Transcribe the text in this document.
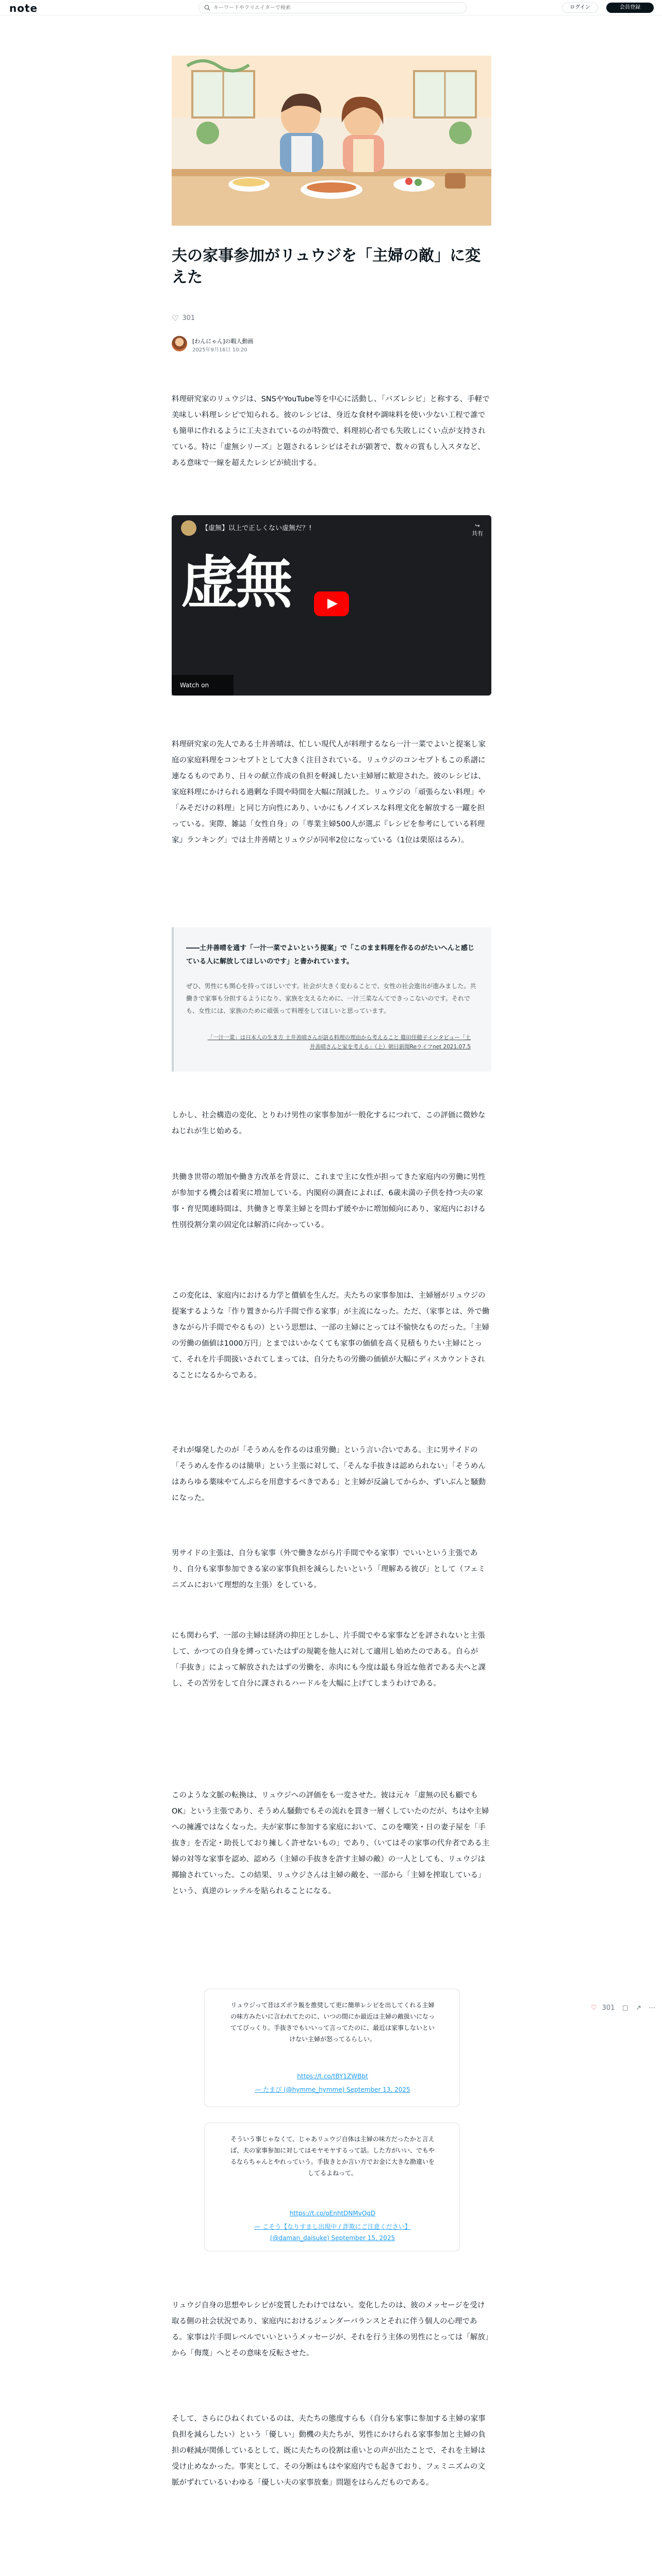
note
キーワードやクリエイターで検索	ログイン	会員登録
夫の家事参加がリュウジを「主婦の敵」に変えた
♡ 301
[わんにゃん]の暇人動画
2025年9月16日 10:20

料理研究家のリュウジは、SNSやYouTube等を中心に活動し、「バズレシピ」と称する、手軽で美味しい料理レシピで知られる。彼のレシピは、身近な食材や調味料を使い少ない工程で誰でも簡単に作れるように工夫されているのが特徴で、料理初心者でも失敗しにくい点が支持されている。特に「虚無シリーズ」と題されるレシピはそれが顕著で、数々の賞もし入スタなど、ある意味で一線を超えたレシピが続出する。

【虚無】以上で正しくない虚無だ？!	↪
共有
虚無
Watch on YouTube

料理研究家の先人である土井善晴は、忙しい現代人が料理するなら一汁一菜でよいと提案し家庭の家庭料理をコンセプトとして大きく注目されている。リュウジのコンセプトもこの系譜に連なるものであり、日々の献立作成の負担を軽減したい主婦層に歓迎された。彼のレシピは、家庭料理にかけられる過剰な手間や時間を大幅に削減した。リュウジの「頑張らない料理」や「みそだけの料理」と同じ方向性にあり、いかにもノイズレスな料理文化を解放する一躍を担っている。実際、雑誌「女性自身」の「専業主婦500人が選ぶ『レシピを参考にしている料理家』ランキング」では土井善晴とリュウジが同率2位になっている（1位は栗原はるみ）。

――土井善晴を通す「一汁一菜でよいという提案」で「このまま料理を作るのがたいへんと感じている人に解放してほしいのです」と書かれています。
ぜひ、男性にも関心を持ってほしいです。社会が大きく変わることで、女性の社会進出が進みました。共働きで家事も分担するようになり、家族を支えるために、一汁三菜なんてできっこないのです。それでも、女性には、家族のために頑張って料理をしてほしいと思っています。
「一汁一菜」は日本人の生き方 土井善晴さんが語る料理の理由から考えること 篠田佳穂子インタビュー「土井善晴さんと家を考える」（上）朝日新聞Reライフnet 2021.07.5

しかし、社会構造の変化、とりわけ男性の家事参加が一般化するにつれて、この評価に微妙なねじれが生じ始める。

共働き世帯の増加や働き方改革を背景に、これまで主に女性が担ってきた家庭内の労働に男性が参加する機会は着実に増加している。内閣府の調査によれば、6歳未満の子供を持つ夫の家事・育児関連時間は、共働きと専業主婦とを問わず緩やかに増加傾向にあり、家庭内における性別役割分業の固定化は解消に向かっている。

この変化は、家庭内における力学と價値を生んだ。夫たちの家事参加は、主婦層がリュウジの提案するような「作り置きから片手間で作る家事」が主流になった。ただ、（家事とは、外で働きながら片手間でやるもの）という思想は、一部の主婦にとっては不愉快なものだった。「主婦の労働の価値は1000万円」とまではいかなくても家事の価値を高く見積もりたい主婦にとって、それを片手間扱いされてしまっては、自分たちの労働の価値が大幅にディスカウントされることになるからである。

それが爆発したのが「そうめんを作るのは重労働」という言い合いである。主に男サイドの「そうめんを作るのは簡単」という主張に対して、「そんな手抜きは認められない」「そうめんはあらゆる薬味やてんぷらを用意するべきである」と主婦が反論してからか、ずいぶんと騒動になった。

男サイドの主張は、自分も家事（外で働きながら片手間でやる家事）でいいという主張であり、自分も家事参加できる家の家事負担を減らしたいという「理解ある彼ぴ」として（フェミニズムにおいて理想的な主張）をしている。

にも関わらず、一部の主婦は経済の抑圧としかし、片手間でやる家事などを評されないと主張して、かつての自身を縛っていたはずの規範を他人に対して適用し始めたのである。自らが「手抜き」によって解放されたはずの労働を、赤肉にも今度は最も身近な他者である夫へと課し、その苦労をして自分に課されるハードルを大幅に上げてしまうわけである。

このような文脈の転換は、リュウジへの評価をも一変させた。彼は元々「虚無の民も顧でもOK」という主張であり、そうめん騒動でもその流れを貫き一層くしていたのだが、ちはや主婦への擁護ではなくなった。夫が家事に参加する家庭において、このを嘲笑・日の妻子屋を「手抜き」を否定・助長しており擁しく許せないもの」であり、（いてはその家事の代弁者である主婦の対等な家事を認め、認めろ（主婦の手抜きを許す主婦の敵）の一人としても、リュウジは揶揄されていった。この結果、リュウジさんは主婦の敵を、一部から「主婦を搾取している」という、真逆のレッテルを貼られることになる。

♡ 301 ▢ ↗ ⋯
リュウジって昔はズボラ飯を推奨して更に簡単レシピを出してくれる主婦の味方みたいに言われてたのに、いつの間にか最近は主婦の敵扱いになっててびっくり。手抜きでもいいって言ってたのに、最近は家事しないといけない主婦が怒ってるらしい。
https://t.co/tBY1ZWBbt
— たまび (@hymme_hymme) September 13, 2025
そういう事じゃなくて、じゃあリュウジ自体は主婦の味方だったかと言えば、夫の家事参加に対してはモヤモヤするって話。した方がいい、でもやるならちゃんとやれっていう。手抜きとか言い方でお金に大きな勘違いをしてるよねって。
https://t.co/oEnhtDNMvOgD
— こそう【なりすまし出現中 / 詐欺にご注意ください】 (@daman_daisuke) September 15, 2025

リュウジ自身の思想やレシピが変質したわけではない。変化したのは、彼のメッセージを受け取る側の社会状況であり、家庭内におけるジェンダーバランスとそれに伴う個人の心理である。家事は片手間レベルでいいというメッセージが、それを行う主体の男性にとっては「解放」から「侮蔑」へとその意味を反転させた。

そして、さらにひねくれているのは、夫たちの態度すらも（自分も家事に参加する主婦の家事負担を減らしたい）という「優しい」動機の夫たちが、男性にかけられる家事参加と主婦の負担の軽減が関係しているとして、既に夫たちの役割は重いとの声が出たことで、それを主婦は受け止めなかった。事実として、その分断はもはや家庭内でも起きており、フェミニズムの文脈がずれているいわゆる「優しい夫の家事放棄」問題をはらんだものである。
